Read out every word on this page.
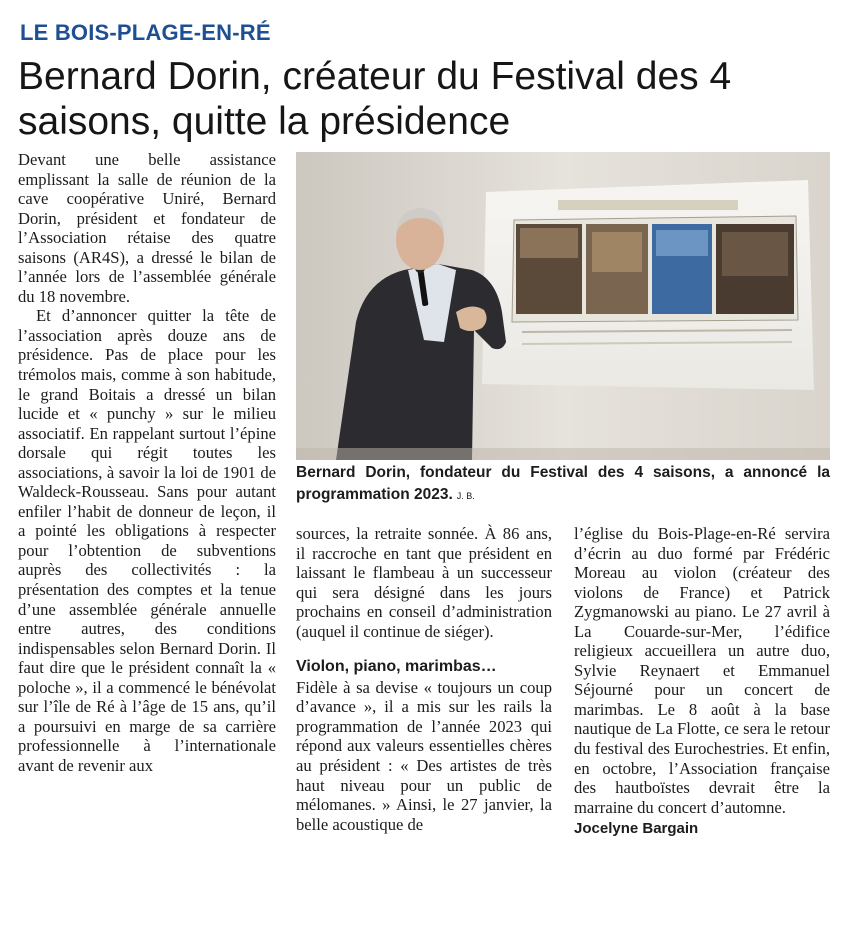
LE BOIS-PLAGE-EN-RÉ
Bernard Dorin, créateur du Festival des 4 saisons, quitte la présidence

Devant une belle assistance emplissant la salle de réunion de la cave coopérative Uniré, Bernard Dorin, président et fondateur de l’Association rétaise des quatre saisons (AR4S), a dressé le bilan de l’année lors de l’assemblée générale du 18 novembre.

Et d’annoncer quitter la tête de l’association après douze ans de présidence. Pas de place pour les trémolos mais, comme à son habitude, le grand Boitais a dressé un bilan lucide et « punchy » sur le milieu associatif. En rappelant surtout l’épine dorsale qui régit toutes les associations, à savoir la loi de 1901 de Waldeck-Rousseau. Sans pour autant enfiler l’habit de donneur de leçon, il a pointé les obligations à respecter pour l’obtention de subventions auprès des collectivités : la présentation des comptes et la tenue d’une assemblée générale annuelle entre autres, des conditions indispensables selon Bernard Dorin. Il faut dire que le président connaît la « poloche », il a commencé le bénévolat sur l’île de Ré à l’âge de 15 ans, qu’il a poursuivi en marge de sa carrière professionnelle à l’internationale avant de revenir aux

Bernard Dorin, fondateur du Festival des 4 saisons, a annoncé la programmation 2023. J. B.

sources, la retraite sonnée. À 86 ans, il raccroche en tant que président en laissant le flambeau à un successeur qui sera désigné dans les jours prochains en conseil d’administration (auquel il continue de siéger).

Violon, piano, marimbas…

Fidèle à sa devise « toujours un coup d’avance », il a mis sur les rails la programmation de l’année 2023 qui répond aux valeurs essentielles chères au président : « Des artistes de très haut niveau pour un public de mélomanes. » Ainsi, le 27 janvier, la belle acoustique de

l’église du Bois-Plage-en-Ré servira d’écrin au duo formé par Frédéric Moreau au violon (créateur des violons de France) et Patrick Zygmanowski au piano. Le 27 avril à La Couarde-sur-Mer, l’édifice religieux accueillera un autre duo, Sylvie Reynaert et Emmanuel Séjourné pour un concert de marimbas. Le 8 août à la base nautique de La Flotte, ce sera le retour du festival des Eurochestries. Et enfin, en octobre, l’Association française des hautboïstes devrait être la marraine du concert d’automne.

Jocelyne Bargain
